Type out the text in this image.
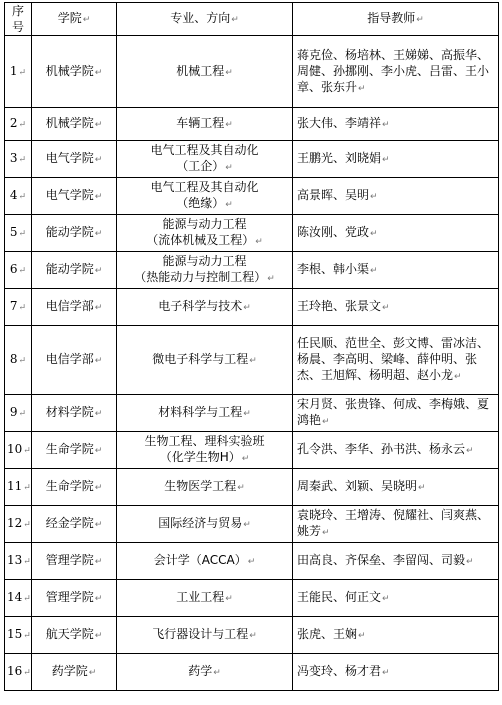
序
号	学院↵	专业、方向↵	指导教师↵
1↵	机械学院↵	机械工程↵	蒋克俭、杨培林、王娣娣、高振华、周健、孙挪刚、李小虎、吕雷、王小章、张东升↵
2↵	机械学院↵	车辆工程↵	张大伟、李靖祥↵
3↵	电气学院↵	电气工程及其自动化
（工企）↵	王鹏光、刘晓娟↵
4↵	电气学院↵	电气工程及其自动化
（绝缘）↵	高景晖、吴明↵
5↵	能动学院↵	能源与动力工程
（流体机械及工程）↵	陈汝刚、党政↵
6↵	能动学院↵	能源与动力工程
（热能动力与控制工程）↵	李根、韩小渠↵
7↵	电信学部↵	电子科学与技术↵	王玲艳、张景文↵
8↵	电信学部↵	微电子科学与工程↵	任民顺、范世全、彭文博、雷冰洁、杨晨、李高明、梁峰、薛仲明、张杰、王旭辉、杨明超、赵小龙↵
9↵	材料学院↵	材料科学与工程↵	宋月贤、张贵锋、何成、李梅娥、夏鸿艳↵
10↵	生命学院↵	生物工程、理科实验班
（化学生物H）↵	孔令洪、李华、孙书洪、杨永云↵
11↵	生命学院↵	生物医学工程↵	周秦武、刘颖、吴晓明↵
12↵	经金学院↵	国际经济与贸易↵	袁晓玲、王增涛、倪耀社、闫爽燕、姚芳↵
13↵	管理学院↵	会计学（ACCA）↵	田高良、齐保垒、李留闯、司毅↵
14↵	管理学院↵	工业工程↵	王能民、何正文↵
15↵	航天学院↵	飞行器设计与工程↵	张虎、王娴↵
16↵	药学院↵	药学↵	冯变玲、杨才君↵
